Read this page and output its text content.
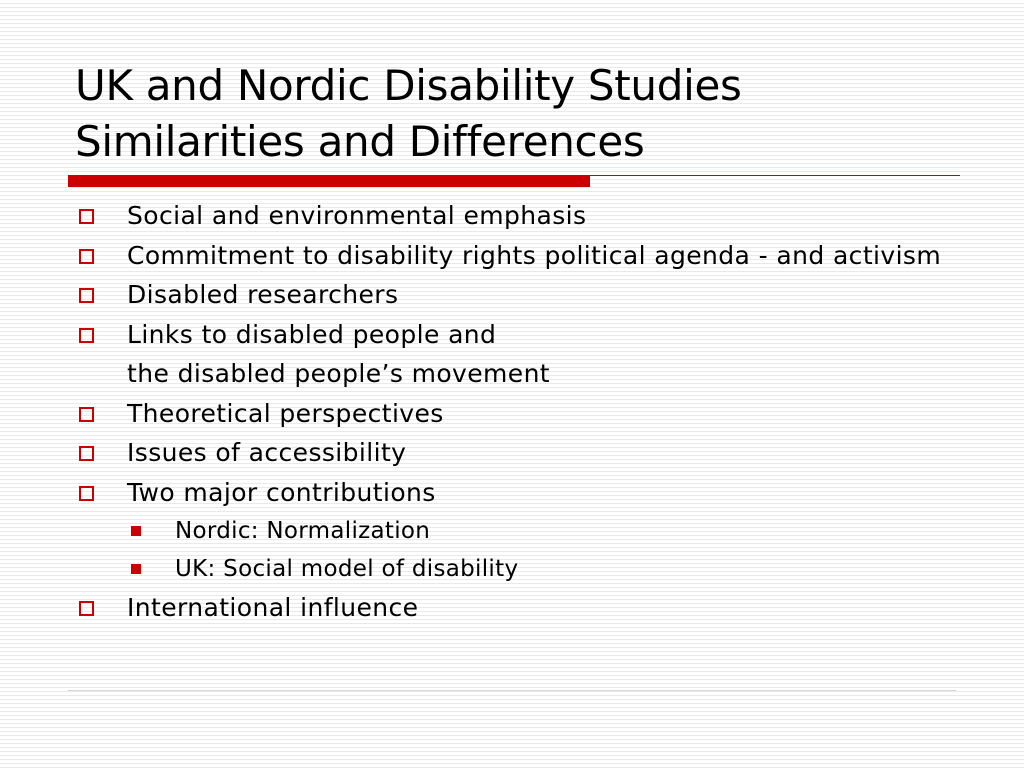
UK and Nordic Disability Studies
Similarities and Differences
Social and environmental emphasis
Commitment to disability rights political agenda - and activism
Disabled researchers
Links to disabled people and
the disabled people’s movement
Theoretical perspectives
Issues of accessibility
Two major contributions
Nordic: Normalization
UK: Social model of disability
International influence
